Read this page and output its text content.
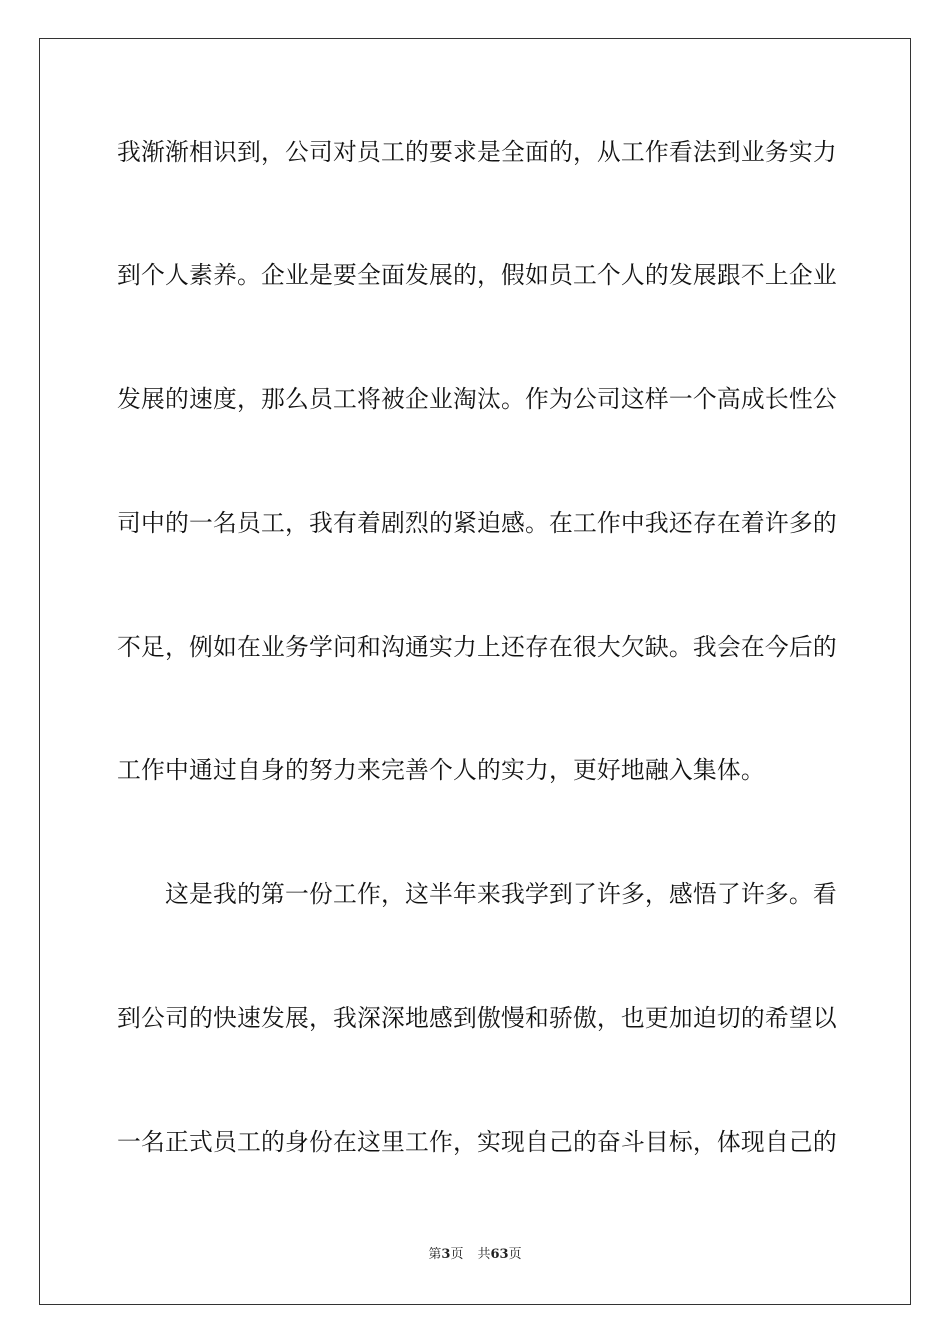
我渐渐相识到，公司对员工的要求是全面的，从工作看法到业务实力
到个人素养。企业是要全面发展的，假如员工个人的发展跟不上企业
发展的速度，那么员工将被企业淘汰。作为公司这样一个高成长性公
司中的一名员工，我有着剧烈的紧迫感。在工作中我还存在着许多的
不足，例如在业务学问和沟通实力上还存在很大欠缺。我会在今后的
工作中通过自身的努力来完善个人的实力，更好地融入集体。
这是我的第一份工作，这半年来我学到了许多，感悟了许多。看
到公司的快速发展，我深深地感到傲慢和骄傲，也更加迫切的希望以
一名正式员工的身份在这里工作，实现自己的奋斗目标，体现自己的
第3页 共63页
